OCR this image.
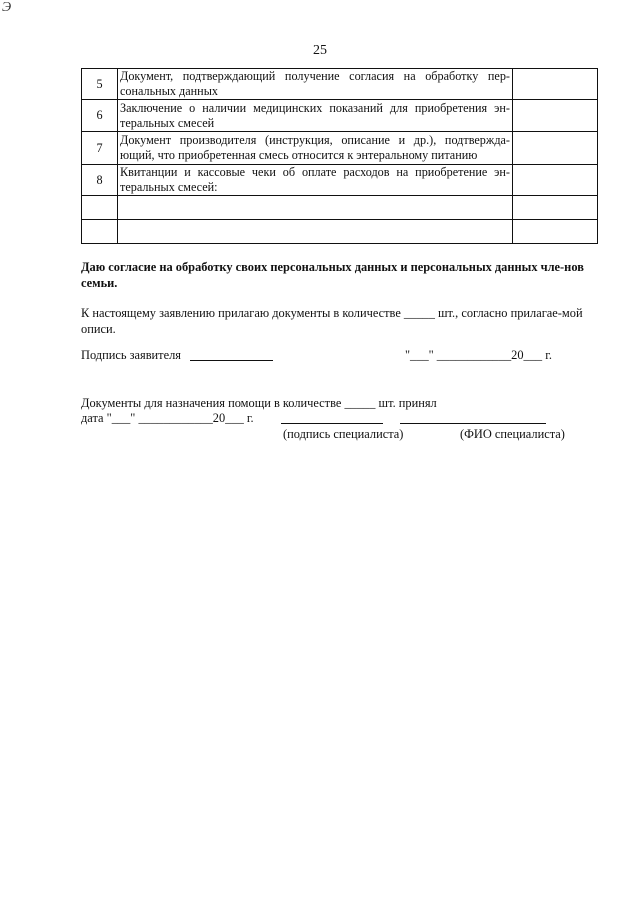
Э
25
5	Документ, подтверждающий получение согласия на обработку пер-сональных данных	
6	Заключение о наличии медицинских показаний для приобретения эн-теральных смесей	
7	Документ производителя (инструкция, описание и др.), подтвержда-ющий, что приобретенная смесь относится к энтеральному питанию	
8	Квитанции и кассовые чеки об оплате расходов на приобретение эн-теральных смесей:	

Даю согласие на обработку своих персональных данных и персональных данных чле-нов семьи.
К настоящему заявлению прилагаю документы в количестве _____ шт., согласно прилагае-мой описи.
Подпись заявителя	"___" ____________20___ г.
Документы для назначения помощи в количестве _____ шт. принял
дата "___" ____________20___ г.
(подпись специалиста)	(ФИО специалиста)
